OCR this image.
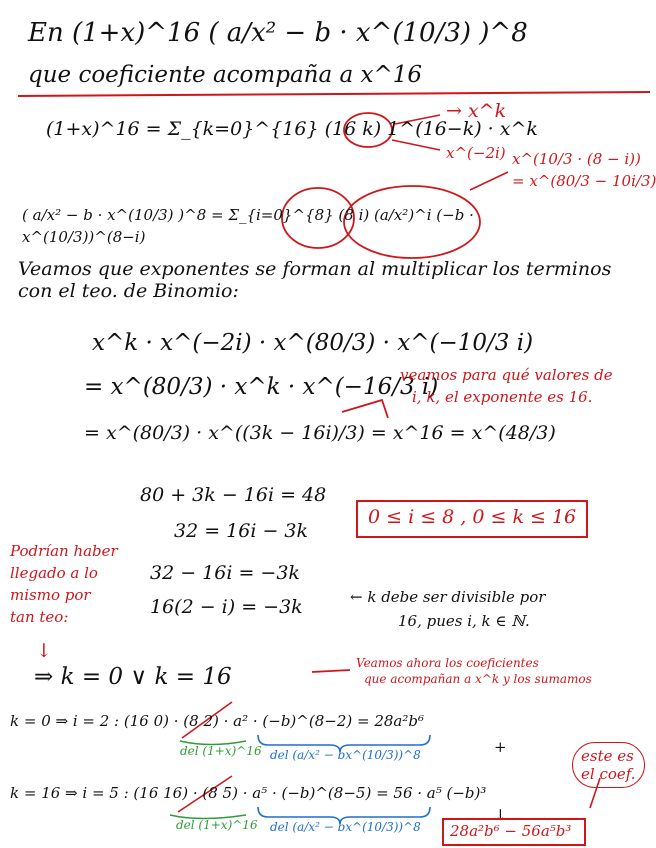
En (1+x)^16 ( a/x² − b · x^(10/3) )^8
que coeficiente acompaña a x^16
(1+x)^16 = Σ_{k=0}^{16} (16 k) 1^(16−k) · x^k
→ x^k
x^(−2i) x^(10/3 · (8 − i))
= x^(80/3 − 10i/3)
( a/x² − b · x^(10/3) )^8 = Σ_{i=0}^{8} (8 i) (a/x²)^i (−b · x^(10/3))^(8−i)
Veamos que exponentes se forman al multiplicar los terminos con el teo. de Binomio:
x^k · x^(−2i) · x^(80/3) · x^(−10/3 i)
= x^(80/3) · x^k · x^(−16/3 i)
veamos para qué valores de
i, k, el exponente es 16.
= x^(80/3) · x^((3k − 16i)/3) = x^16 = x^(48/3)
80 + 3k − 16i = 48
32 = 16i − 3k
0 ≤ i ≤ 8 , 0 ≤ k ≤ 16
Podrían haber
llegado a lo
mismo por
tan teo:
↓
32 − 16i = −3k
16(2 − i) = −3k	← k debe ser divisible por
16, pues i, k ∈ ℕ.
⇒ k = 0 ∨ k = 16
Veamos ahora los coeficientes
que acompañan a x^k y los sumamos
k = 0 ⇒ i = 2 : (16 0) · (8 2) · a² · (−b)^(8−2) = 28a²b⁶
del (1+x)^16 del (a/x² − bx^(10/3))^8	+
k = 16 ⇒ i = 5 : (16 16) · (8 5) · a⁵ · (−b)^(8−5) = 56 · a⁵ (−b)³
del (1+x)^16 del (a/x² − bx^(10/3))^8
↓
28a²b⁶ − 56a⁵b³
este es
el coef.
